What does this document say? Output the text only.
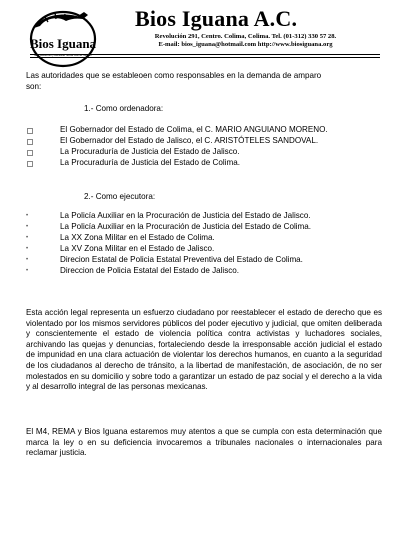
Bios Iguana
Eco Desarrollo y Bienestar Social Colima, México
Bios Iguana A.C.
Revolución 291, Centro. Colima, Colima. Tel. (01-312) 330 57 28.
E-mail: bios_iguana@hotmail.com http://www.biosiguana.org
Las autoridades que se estableoen como responsables en la demanda de amparo
son:
1.- Como ordenadora:
El Gobernador del Estado de Colima, el C. MARIO ANGUIANO MORENO.
El Gobernador del Estado de Jalisco, el C. ARISTÓTELES SANDOVAL.
La Procuraduría de Justicia del Estado de Jalisco.
La Procuraduría de Justicia del Estado de Colima.
2.- Como ejecutora:
•	La Policía Auxiliar en la Procuración de Justicia del Estado de Jalisco.
•	La Policía Auxiliar en la Procuración de Justicia del Estado de Colima.
•	La XX Zona Militar en el Estado de Colima.
•	La XV Zona Militar en el Estado de Jalisco.
•	Direcion Estatal de Policia Estatal Preventiva del Estado de Colima.
•	Direccion de Policia Estatal del Estado de Jalisco.
Esta acción legal representa un esfuerzo ciudadano por reestablecer el estado de derecho que es violentado por los mismos servidores públicos del poder ejecutivo y judicial, que omiten deliberada y conscientemente el estado de violencia política contra activistas y luchadores sociales, archivando las quejas y denuncias, fortaleciendo desde la irresponsable acción judicial el estado de impunidad en una clara actuación de violentar los derechos humanos, en cuanto a la seguridad de los ciudadanos al derecho de tránsito, a la libertad de manifestación, de asociación, de no ser molestados en su domicilio y sobre todo a garantizar un estado de paz social y el derecho a la vida y al desarrollo integral de las personas mexicanas.
El M4, REMA y Bios Iguana estaremos muy atentos a que se cumpla con esta determinación que marca la ley o en su deficiencia invocaremos a tribunales nacionales o internacionales para reclamar justicia.
